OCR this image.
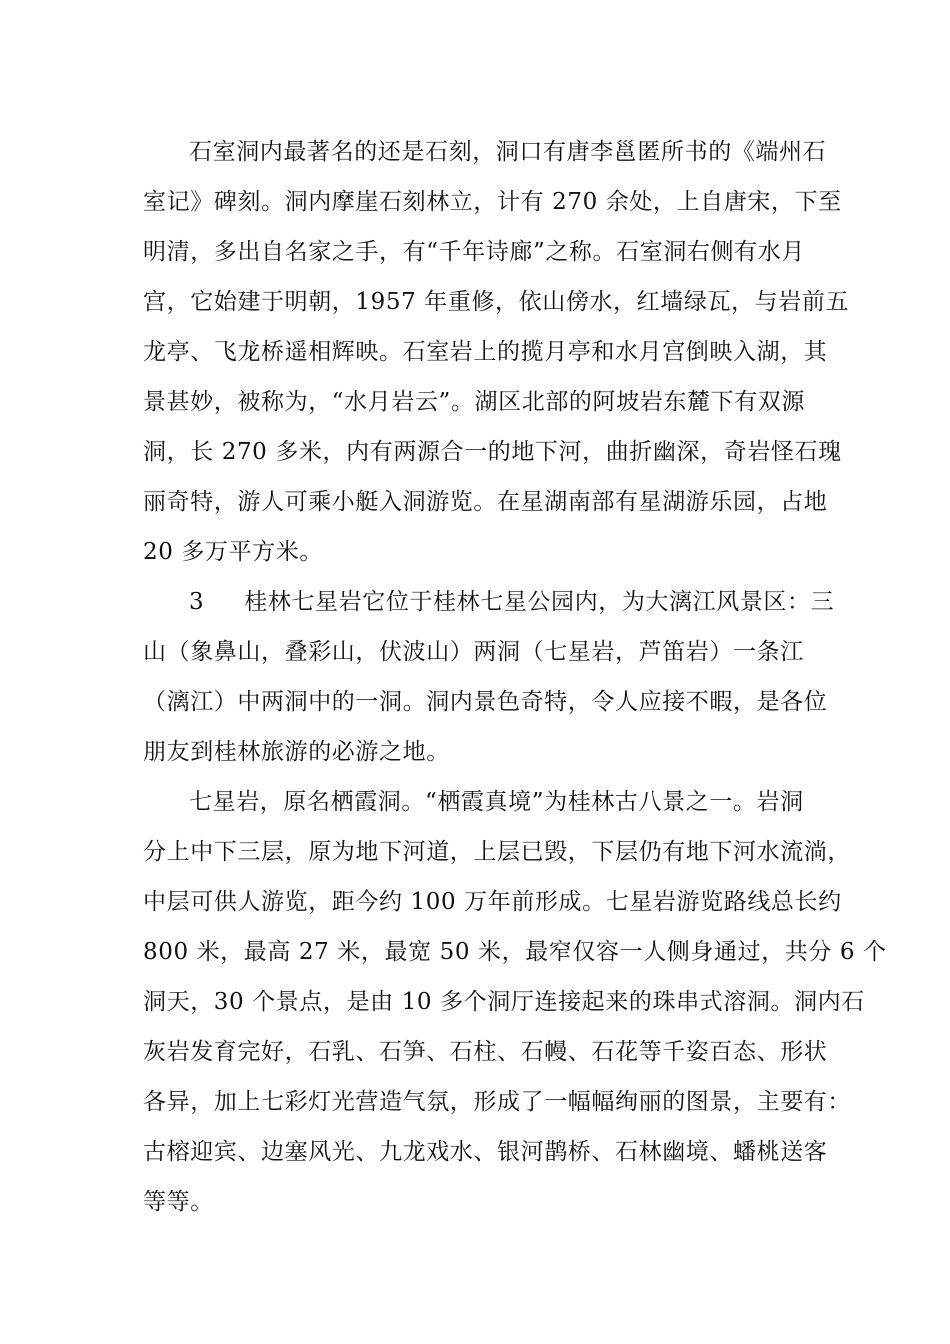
石室洞内最著名的还是石刻，洞口有唐李邕匿所书的《端州石
室记》碑刻。洞内摩崖石刻林立，计有 270 余处，上自唐宋，下至
明清，多出自名家之手，有“千年诗廊”之称。石室洞右侧有水月
宫，它始建于明朝，1957 年重修，依山傍水，红墙绿瓦，与岩前五
龙亭、飞龙桥遥相辉映。石室岩上的揽月亭和水月宫倒映入湖，其
景甚妙，被称为，“水月岩云”。湖区北部的阿坡岩东麓下有双源
洞，长 270 多米，内有两源合一的地下河，曲折幽深，奇岩怪石瑰
丽奇特，游人可乘小艇入洞游览。在星湖南部有星湖游乐园，占地
20 多万平方米。
3 桂林七星岩它位于桂林七星公园内，为大漓江风景区：三
山（象鼻山，叠彩山，伏波山）两洞（七星岩，芦笛岩）一条江
（漓江）中两洞中的一洞。洞内景色奇特，令人应接不暇，是各位
朋友到桂林旅游的必游之地。
七星岩，原名栖霞洞。“栖霞真境”为桂林古八景之一。岩洞
分上中下三层，原为地下河道，上层已毁，下层仍有地下河水流淌，
中层可供人游览，距今约 100 万年前形成。七星岩游览路线总长约
800 米，最高 27 米，最宽 50 米，最窄仅容一人侧身通过，共分 6 个
洞天，30 个景点，是由 10 多个洞厅连接起来的珠串式溶洞。洞内石
灰岩发育完好，石乳、石笋、石柱、石幔、石花等千姿百态、形状
各异，加上七彩灯光营造气氛，形成了一幅幅绚丽的图景，主要有：
古榕迎宾、边塞风光、九龙戏水、银河鹊桥、石林幽境、蟠桃送客
等等。
